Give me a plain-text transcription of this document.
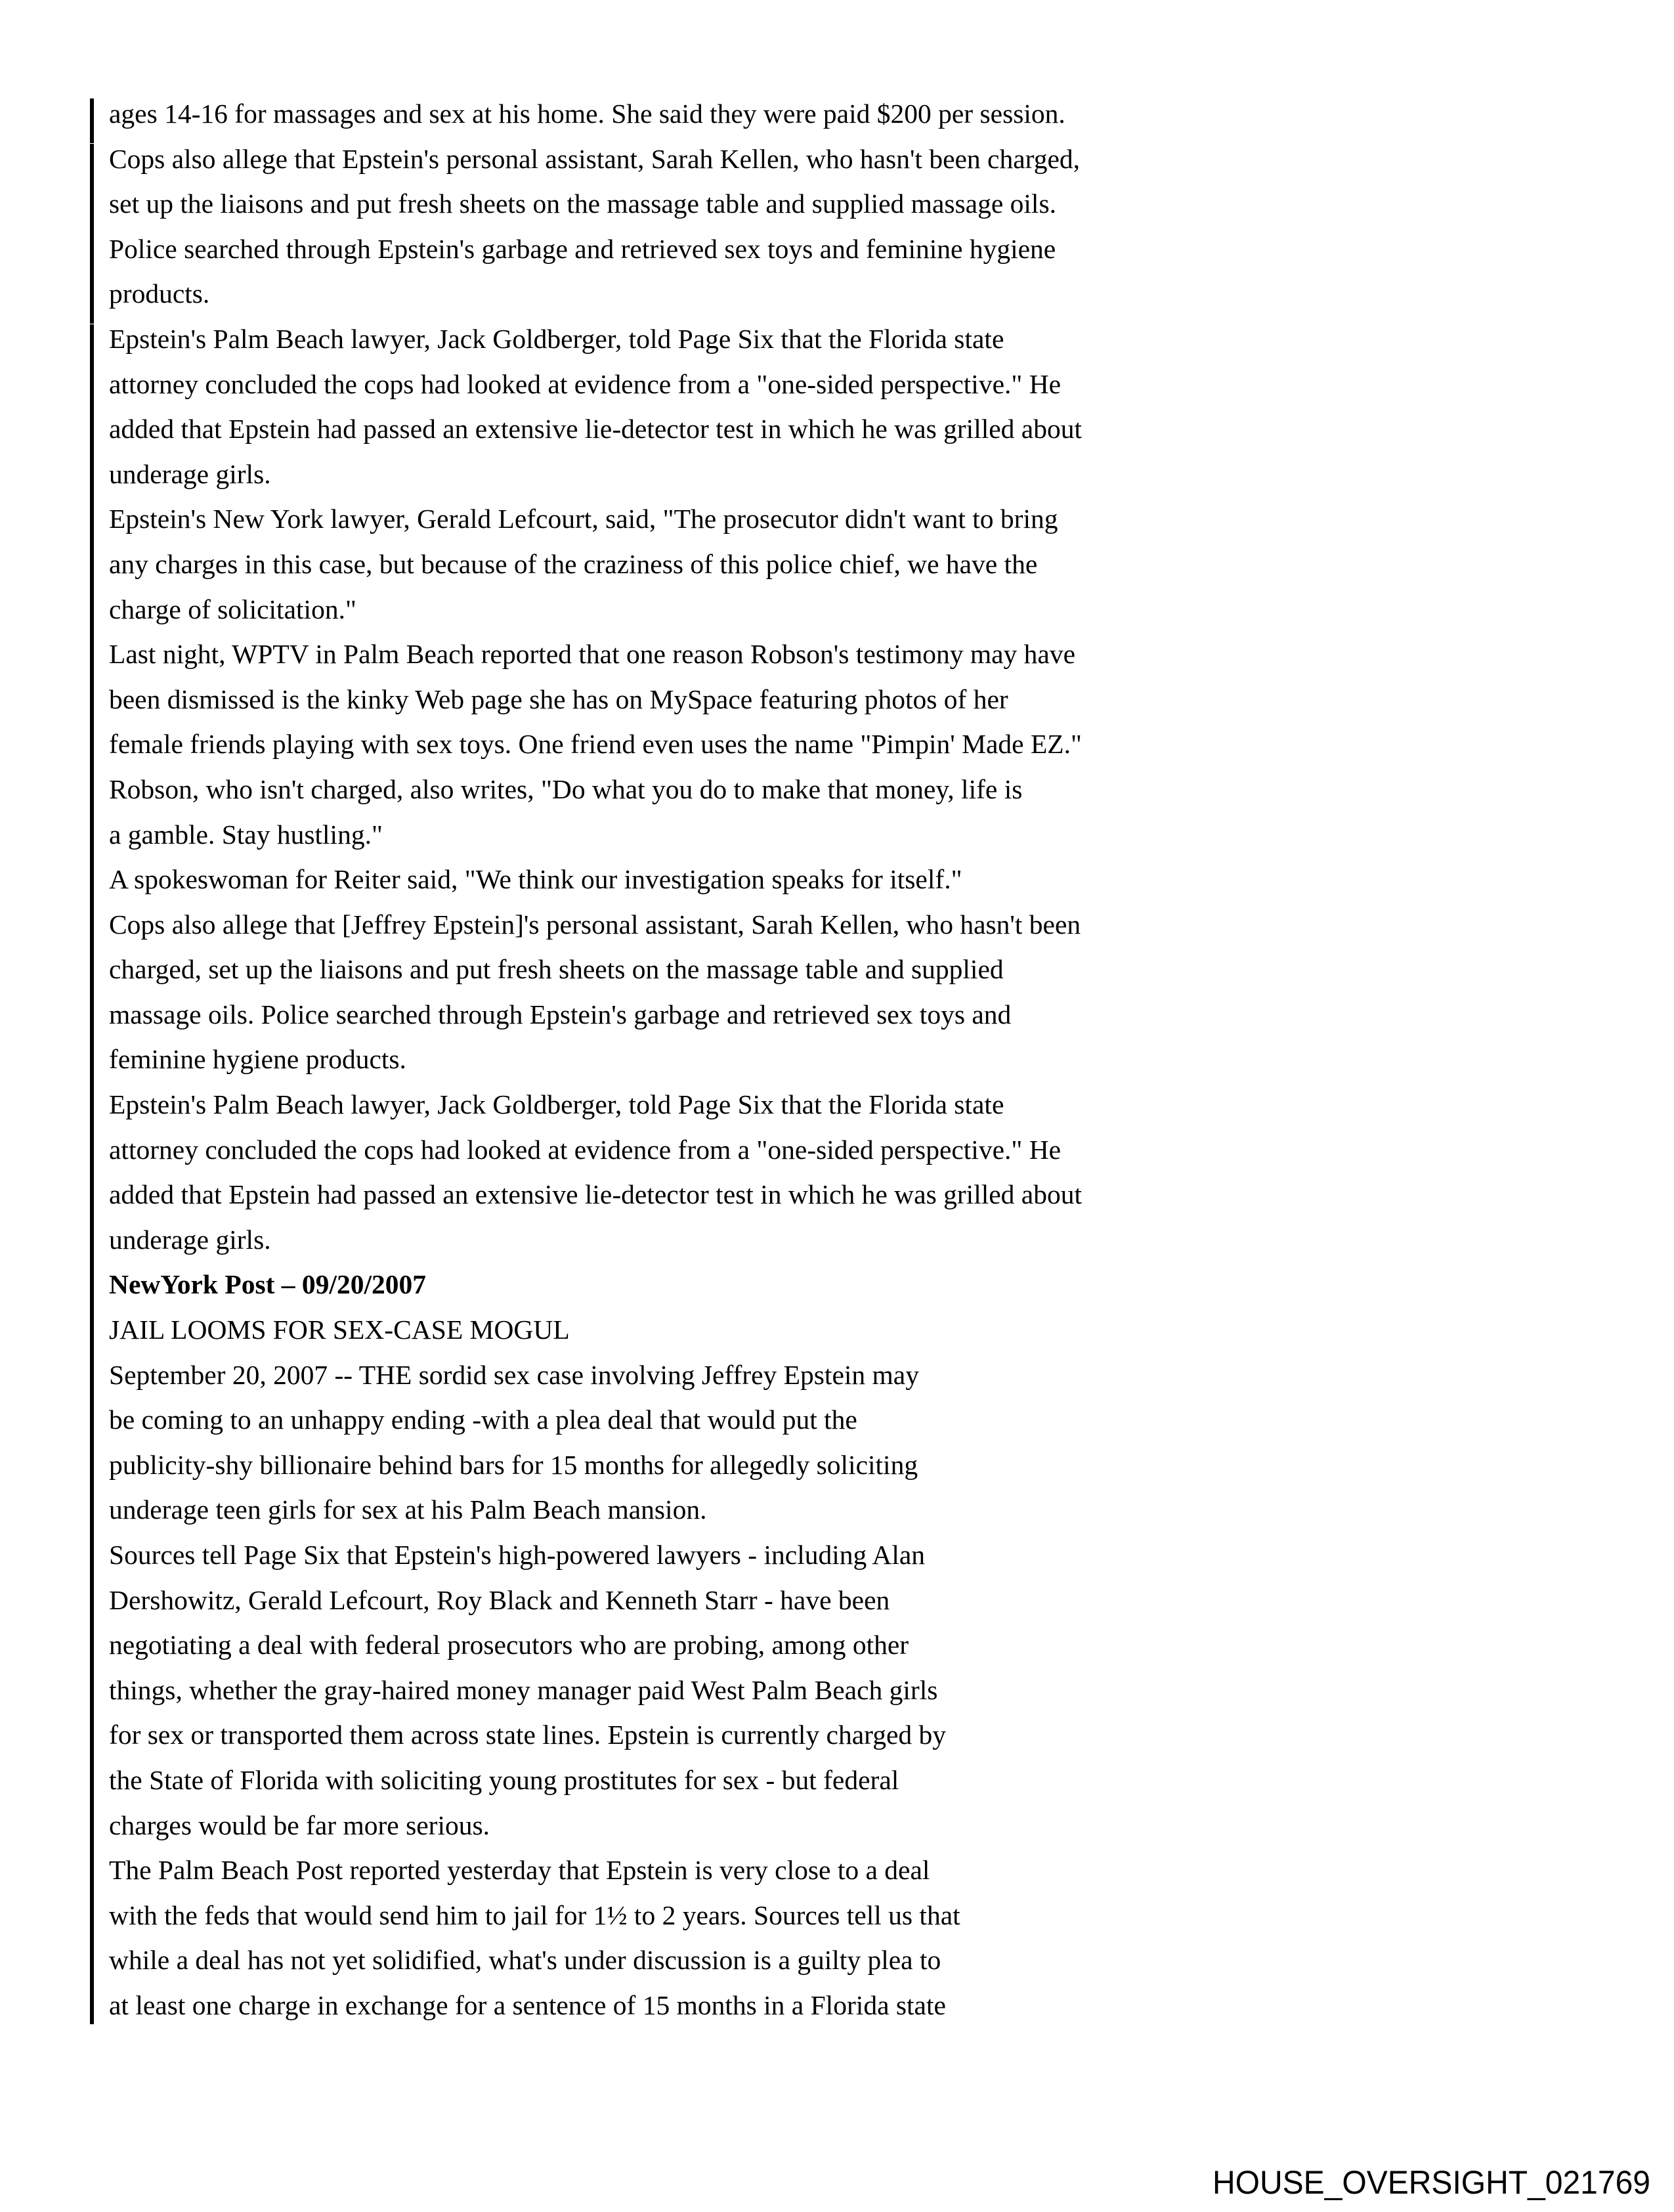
ages 14-16 for massages and sex at his home. She said they were paid $200 per session.
Cops also allege that Epstein's personal assistant, Sarah Kellen, who hasn't been charged,
set up the liaisons and put fresh sheets on the massage table and supplied massage oils.
Police searched through Epstein's garbage and retrieved sex toys and feminine hygiene
products.
Epstein's Palm Beach lawyer, Jack Goldberger, told Page Six that the Florida state
attorney concluded the cops had looked at evidence from a "one-sided perspective." He
added that Epstein had passed an extensive lie-detector test in which he was grilled about
underage girls.
Epstein's New York lawyer, Gerald Lefcourt, said, "The prosecutor didn't want to bring
any charges in this case, but because of the craziness of this police chief, we have the
charge of solicitation."
Last night, WPTV in Palm Beach reported that one reason Robson's testimony may have
been dismissed is the kinky Web page she has on MySpace featuring photos of her
female friends playing with sex toys. One friend even uses the name "Pimpin' Made EZ."
Robson, who isn't charged, also writes, "Do what you do to make that money, life is
a gamble. Stay hustling."
A spokeswoman for Reiter said, "We think our investigation speaks for itself."
Cops also allege that [Jeffrey Epstein]'s personal assistant, Sarah Kellen, who hasn't been
charged, set up the liaisons and put fresh sheets on the massage table and supplied
massage oils. Police searched through Epstein's garbage and retrieved sex toys and
feminine hygiene products.
Epstein's Palm Beach lawyer, Jack Goldberger, told Page Six that the Florida state
attorney concluded the cops had looked at evidence from a "one-sided perspective." He
added that Epstein had passed an extensive lie-detector test in which he was grilled about
underage girls.
NewYork Post – 09/20/2007
JAIL LOOMS FOR SEX-CASE MOGUL
September 20, 2007 -- THE sordid sex case involving Jeffrey Epstein may
be coming to an unhappy ending -with a plea deal that would put the
publicity-shy billionaire behind bars for 15 months for allegedly soliciting
underage teen girls for sex at his Palm Beach mansion.
Sources tell Page Six that Epstein's high-powered lawyers - including Alan
Dershowitz, Gerald Lefcourt, Roy Black and Kenneth Starr - have been
negotiating a deal with federal prosecutors who are probing, among other
things, whether the gray-haired money manager paid West Palm Beach girls
for sex or transported them across state lines. Epstein is currently charged by
the State of Florida with soliciting young prostitutes for sex - but federal
charges would be far more serious.
The Palm Beach Post reported yesterday that Epstein is very close to a deal
with the feds that would send him to jail for 1½ to 2 years. Sources tell us that
while a deal has not yet solidified, what's under discussion is a guilty plea to
at least one charge in exchange for a sentence of 15 months in a Florida state
HOUSE_OVERSIGHT_021769
